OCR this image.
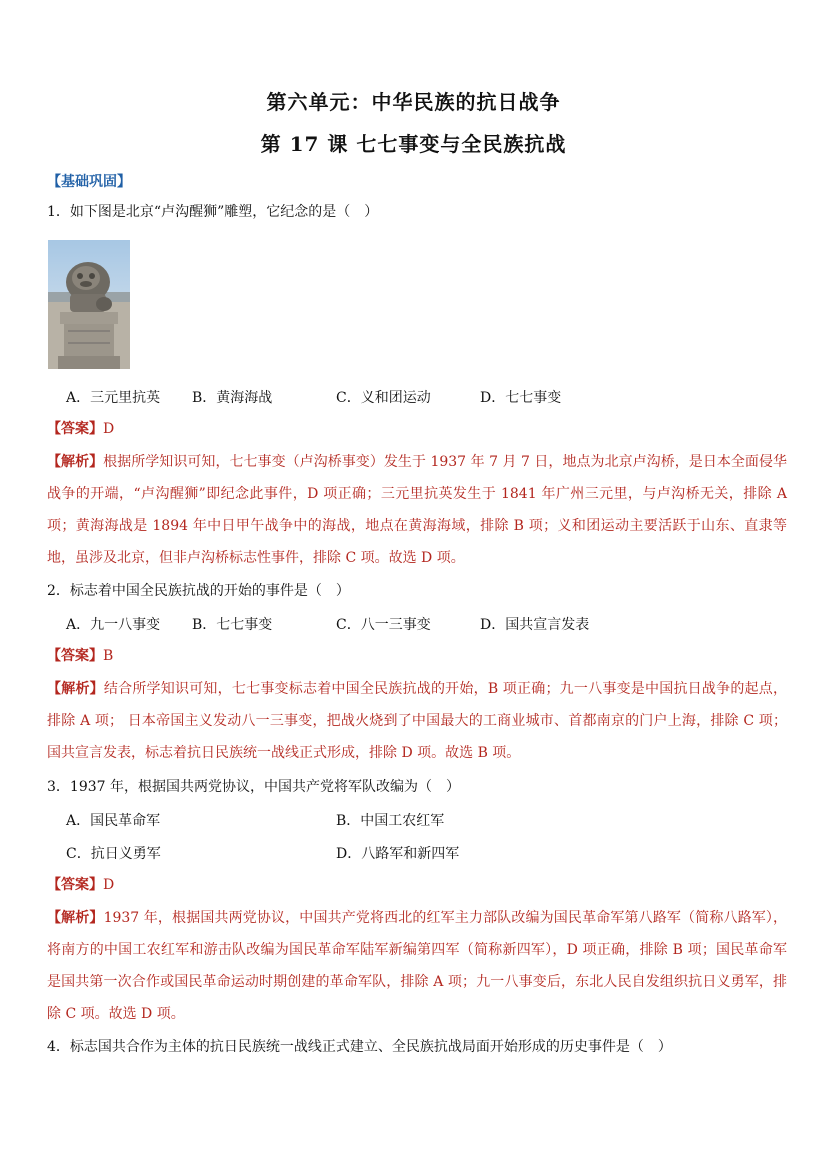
第六单元：中华民族的抗日战争
第 17 课 七七事变与全民族抗战
【基础巩固】
1．如下图是北京“卢沟醒狮”雕塑，它纪念的是（　）
A．三元里抗英 B．黄海海战	C．义和团运动	D．七七事变
【答案】D
【解析】根据所学知识可知，七七事变（卢沟桥事变）发生于 1937 年 7 月 7 日，地点为北京卢沟桥，是日本全面侵华战争的开端，“卢沟醒狮”即纪念此事件，D 项正确；三元里抗英发生于 1841 年广州三元里，与卢沟桥无关，排除 A 项；黄海海战是 1894 年中日甲午战争中的海战，地点在黄海海域，排除 B 项；义和团运动主要活跃于山东、直隶等地，虽涉及北京，但非卢沟桥标志性事件，排除 C 项。故选 D 项。
2．标志着中国全民族抗战的开始的事件是（　）
A．九一八事变 B．七七事变	C．八一三事变	D．国共宣言发表
【答案】B
【解析】结合所学知识可知，七七事变标志着中国全民族抗战的开始，B 项正确；九一八事变是中国抗日战争的起点，排除 A 项； 日本帝国主义发动八一三事变，把战火烧到了中国最大的工商业城市、首都南京的门户上海，排除 C 项；国共宣言发表，标志着抗日民族统一战线正式形成，排除 D 项。故选 B 项。
3．1937 年，根据国共两党协议，中国共产党将军队改编为（　）
A．国民革命军	B．中国工农红军
C．抗日义勇军	D．八路军和新四军
【答案】D
【解析】1937 年，根据国共两党协议，中国共产党将西北的红军主力部队改编为国民革命军第八路军（简称八路军），将南方的中国工农红军和游击队改编为国民革命军陆军新编第四军（简称新四军），D 项正确，排除 B 项；国民革命军是国共第一次合作或国民革命运动时期创建的革命军队，排除 A 项；九一八事变后，东北人民自发组织抗日义勇军，排除 C 项。故选 D 项。
4．标志国共合作为主体的抗日民族统一战线正式建立、全民族抗战局面开始形成的历史事件是（　）
